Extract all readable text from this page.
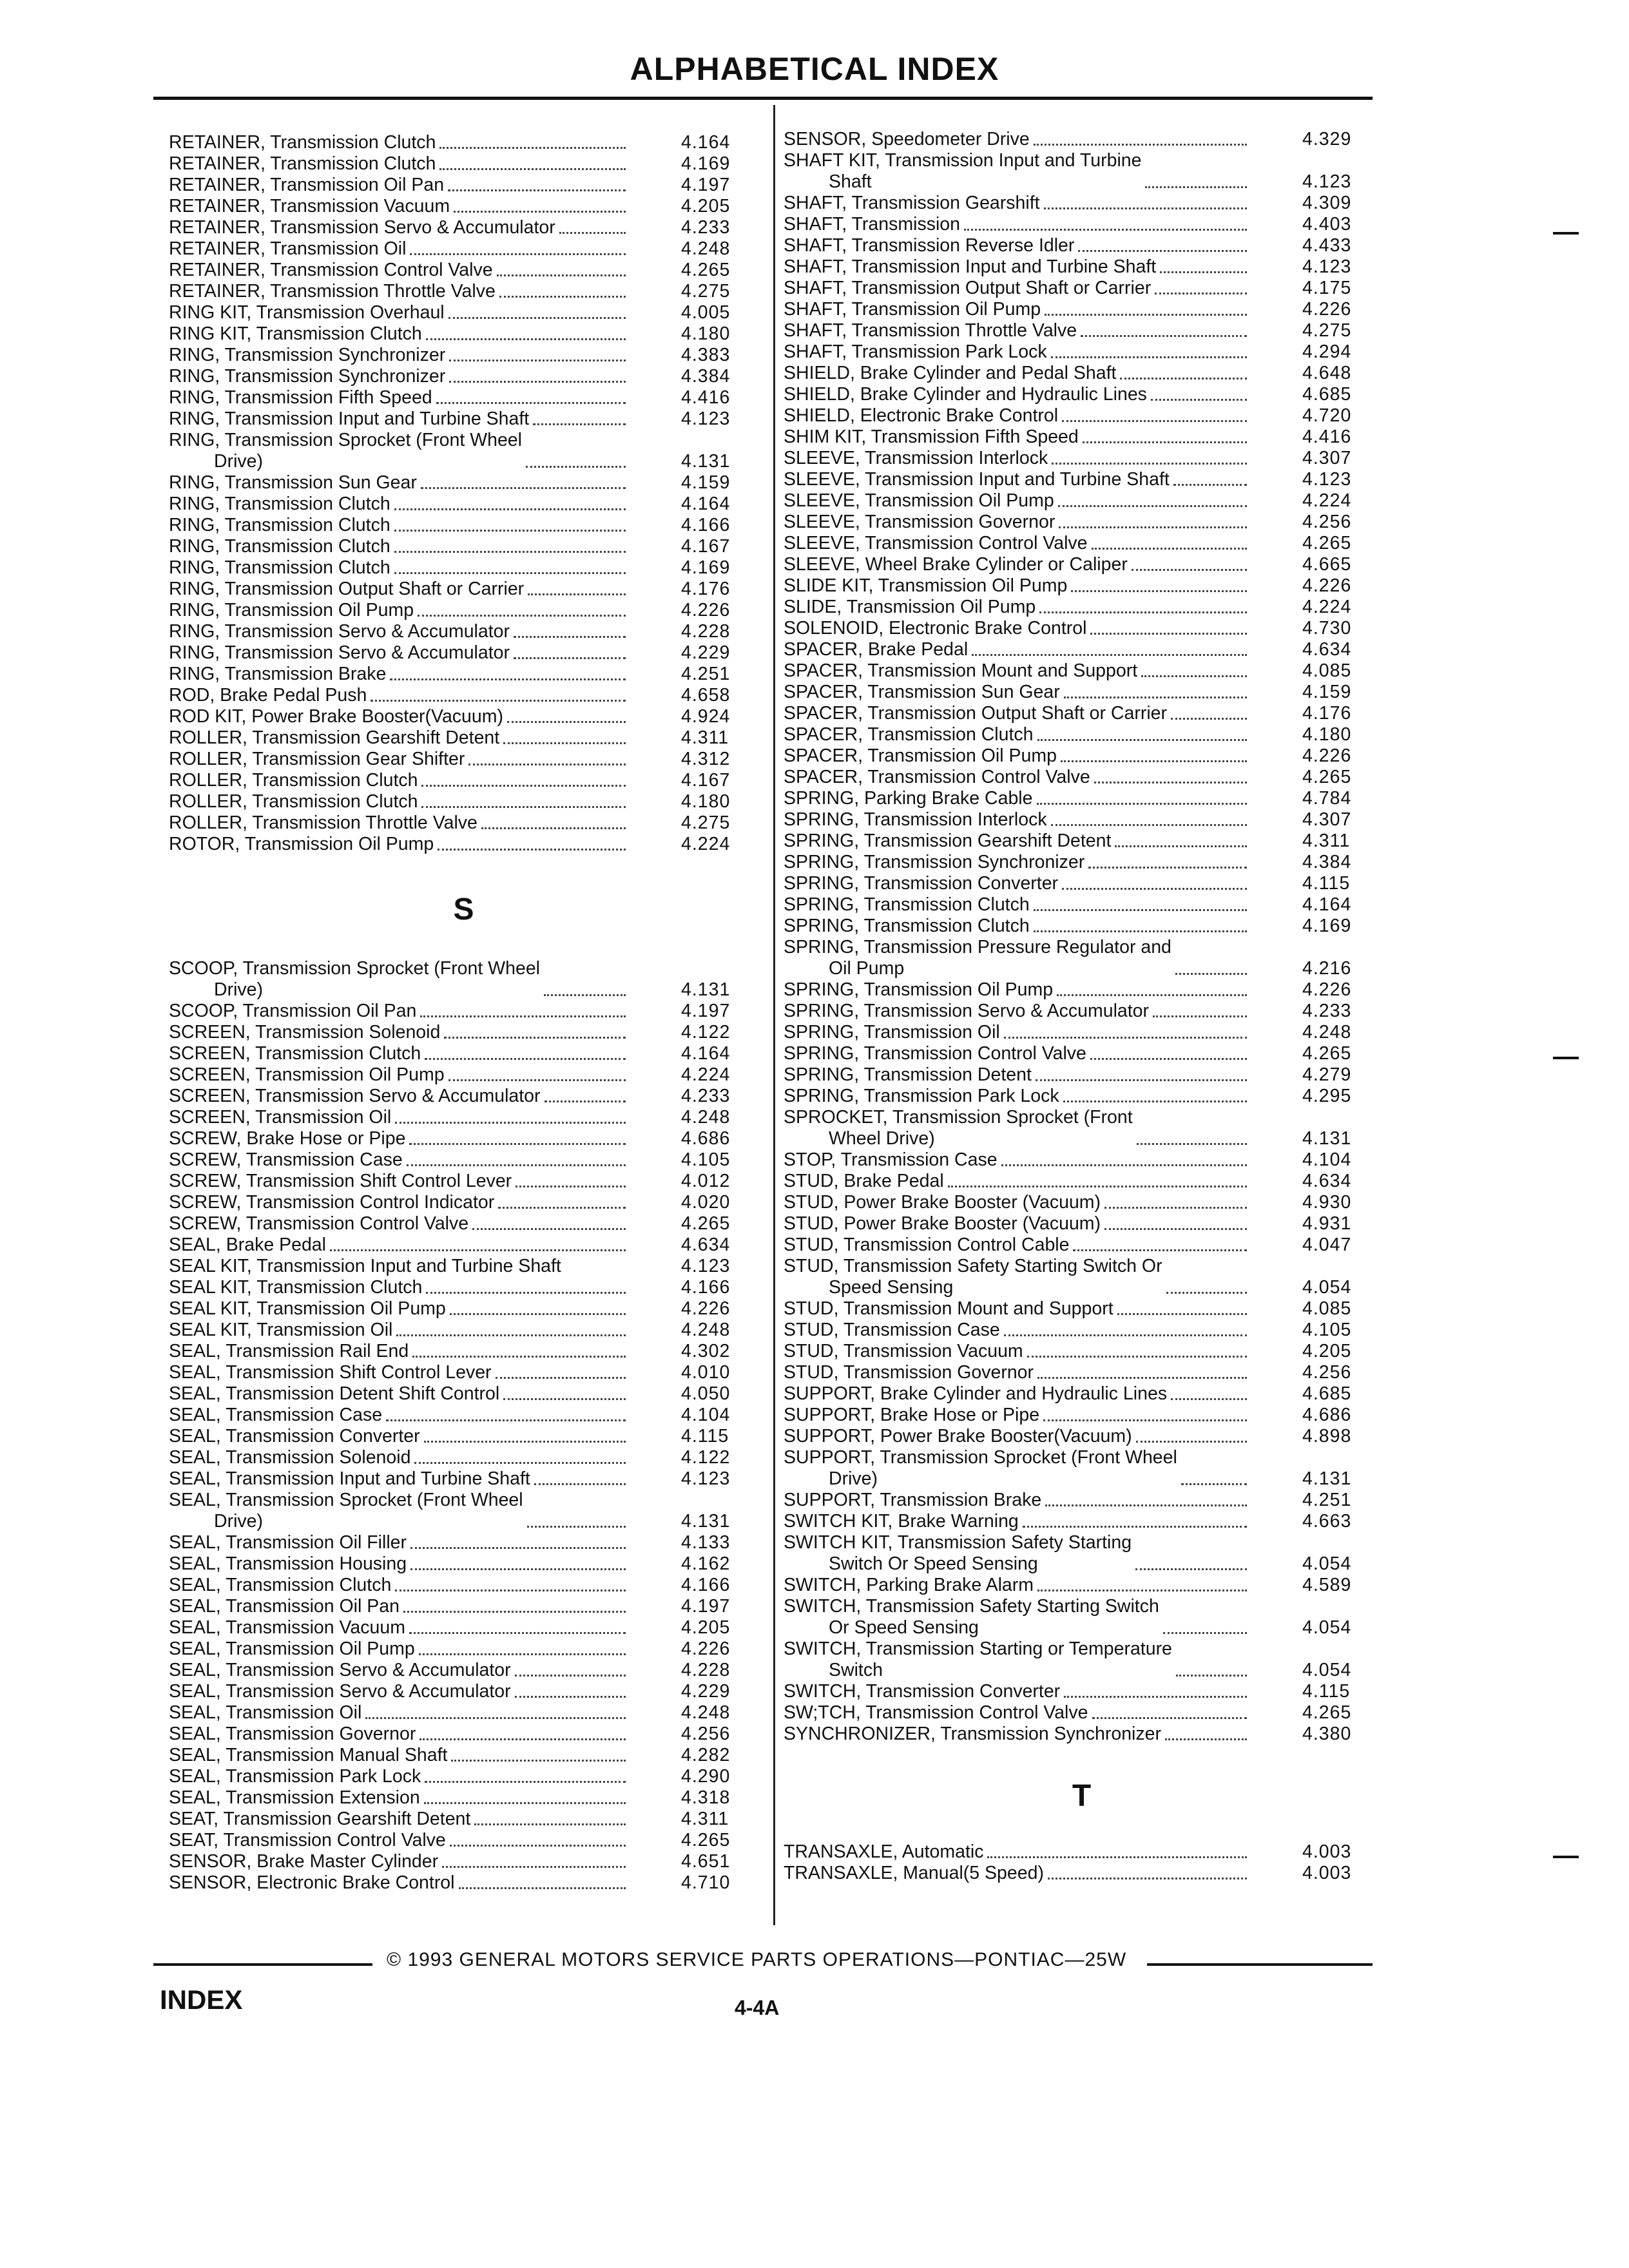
ALPHABETICAL INDEX
RETAINER, Transmission Clutch	4.164
RETAINER, Transmission Clutch	4.169
RETAINER, Transmission Oil Pan	4.197
RETAINER, Transmission Vacuum	4.205
RETAINER, Transmission Servo & Accumulator	4.233
RETAINER, Transmission Oil	4.248
RETAINER, Transmission Control Valve	4.265
RETAINER, Transmission Throttle Valve	4.275
RING KIT, Transmission Overhaul	4.005
RING KIT, Transmission Clutch	4.180
RING, Transmission Synchronizer	4.383
RING, Transmission Synchronizer	4.384
RING, Transmission Fifth Speed	4.416
RING, Transmission Input and Turbine Shaft	4.123
RING, Transmission Sprocket (Front Wheel
Drive)	4.131
RING, Transmission Sun Gear	4.159
RING, Transmission Clutch	4.164
RING, Transmission Clutch	4.166
RING, Transmission Clutch	4.167
RING, Transmission Clutch	4.169
RING, Transmission Output Shaft or Carrier	4.176
RING, Transmission Oil Pump	4.226
RING, Transmission Servo & Accumulator	4.228
RING, Transmission Servo & Accumulator	4.229
RING, Transmission Brake	4.251
ROD, Brake Pedal Push	4.658
ROD KIT, Power Brake Booster(Vacuum)	4.924
ROLLER, Transmission Gearshift Detent	4.311
ROLLER, Transmission Gear Shifter	4.312
ROLLER, Transmission Clutch	4.167
ROLLER, Transmission Clutch	4.180
ROLLER, Transmission Throttle Valve	4.275
ROTOR, Transmission Oil Pump	4.224
S
SCOOP, Transmission Sprocket (Front Wheel
Drive)	4.131
SCOOP, Transmission Oil Pan	4.197
SCREEN, Transmission Solenoid	4.122
SCREEN, Transmission Clutch	4.164
SCREEN, Transmission Oil Pump	4.224
SCREEN, Transmission Servo & Accumulator	4.233
SCREEN, Transmission Oil	4.248
SCREW, Brake Hose or Pipe	4.686
SCREW, Transmission Case	4.105
SCREW, Transmission Shift Control Lever	4.012
SCREW, Transmission Control Indicator	4.020
SCREW, Transmission Control Valve	4.265
SEAL, Brake Pedal	4.634
SEAL KIT, Transmission Input and Turbine Shaft	4.123
SEAL KIT, Transmission Clutch	4.166
SEAL KIT, Transmission Oil Pump	4.226
SEAL KIT, Transmission Oil	4.248
SEAL, Transmission Rail End	4.302
SEAL, Transmission Shift Control Lever	4.010
SEAL, Transmission Detent Shift Control	4.050
SEAL, Transmission Case	4.104
SEAL, Transmission Converter	4.115
SEAL, Transmission Solenoid	4.122
SEAL, Transmission Input and Turbine Shaft	4.123
SEAL, Transmission Sprocket (Front Wheel
Drive)	4.131
SEAL, Transmission Oil Filler	4.133
SEAL, Transmission Housing	4.162
SEAL, Transmission Clutch	4.166
SEAL, Transmission Oil Pan	4.197
SEAL, Transmission Vacuum	4.205
SEAL, Transmission Oil Pump	4.226
SEAL, Transmission Servo & Accumulator	4.228
SEAL, Transmission Servo & Accumulator	4.229
SEAL, Transmission Oil	4.248
SEAL, Transmission Governor	4.256
SEAL, Transmission Manual Shaft	4.282
SEAL, Transmission Park Lock	4.290
SEAL, Transmission Extension	4.318
SEAT, Transmission Gearshift Detent	4.311
SEAT, Transmission Control Valve	4.265
SENSOR, Brake Master Cylinder	4.651
SENSOR, Electronic Brake Control	4.710
SENSOR, Speedometer Drive	4.329
SHAFT KIT, Transmission Input and Turbine
Shaft	4.123
SHAFT, Transmission Gearshift	4.309
SHAFT, Transmission	4.403
SHAFT, Transmission Reverse Idler	4.433
SHAFT, Transmission Input and Turbine Shaft	4.123
SHAFT, Transmission Output Shaft or Carrier	4.175
SHAFT, Transmission Oil Pump	4.226
SHAFT, Transmission Throttle Valve	4.275
SHAFT, Transmission Park Lock	4.294
SHIELD, Brake Cylinder and Pedal Shaft	4.648
SHIELD, Brake Cylinder and Hydraulic Lines	4.685
SHIELD, Electronic Brake Control	4.720
SHIM KIT, Transmission Fifth Speed	4.416
SLEEVE, Transmission Interlock	4.307
SLEEVE, Transmission Input and Turbine Shaft	4.123
SLEEVE, Transmission Oil Pump	4.224
SLEEVE, Transmission Governor	4.256
SLEEVE, Transmission Control Valve	4.265
SLEEVE, Wheel Brake Cylinder or Caliper	4.665
SLIDE KIT, Transmission Oil Pump	4.226
SLIDE, Transmission Oil Pump	4.224
SOLENOID, Electronic Brake Control	4.730
SPACER, Brake Pedal	4.634
SPACER, Transmission Mount and Support	4.085
SPACER, Transmission Sun Gear	4.159
SPACER, Transmission Output Shaft or Carrier	4.176
SPACER, Transmission Clutch	4.180
SPACER, Transmission Oil Pump	4.226
SPACER, Transmission Control Valve	4.265
SPRING, Parking Brake Cable	4.784
SPRING, Transmission Interlock	4.307
SPRING, Transmission Gearshift Detent	4.311
SPRING, Transmission Synchronizer	4.384
SPRING, Transmission Converter	4.115
SPRING, Transmission Clutch	4.164
SPRING, Transmission Clutch	4.169
SPRING, Transmission Pressure Regulator and
Oil Pump	4.216
SPRING, Transmission Oil Pump	4.226
SPRING, Transmission Servo & Accumulator	4.233
SPRING, Transmission Oil	4.248
SPRING, Transmission Control Valve	4.265
SPRING, Transmission Detent	4.279
SPRING, Transmission Park Lock	4.295
SPROCKET, Transmission Sprocket (Front
Wheel Drive)	4.131
STOP, Transmission Case	4.104
STUD, Brake Pedal	4.634
STUD, Power Brake Booster (Vacuum)	4.930
STUD, Power Brake Booster (Vacuum)	4.931
STUD, Transmission Control Cable	4.047
STUD, Transmission Safety Starting Switch Or
Speed Sensing	4.054
STUD, Transmission Mount and Support	4.085
STUD, Transmission Case	4.105
STUD, Transmission Vacuum	4.205
STUD, Transmission Governor	4.256
SUPPORT, Brake Cylinder and Hydraulic Lines	4.685
SUPPORT, Brake Hose or Pipe	4.686
SUPPORT, Power Brake Booster(Vacuum)	4.898
SUPPORT, Transmission Sprocket (Front Wheel
Drive)	4.131
SUPPORT, Transmission Brake	4.251
SWITCH KIT, Brake Warning	4.663
SWITCH KIT, Transmission Safety Starting
Switch Or Speed Sensing	4.054
SWITCH, Parking Brake Alarm	4.589
SWITCH, Transmission Safety Starting Switch
Or Speed Sensing	4.054
SWITCH, Transmission Starting or Temperature
Switch	4.054
SWITCH, Transmission Converter	4.115
SW;TCH, Transmission Control Valve	4.265
SYNCHRONIZER, Transmission Synchronizer	4.380
T
TRANSAXLE, Automatic	4.003
TRANSAXLE, Manual(5 Speed)	4.003
© 1993 GENERAL MOTORS SERVICE PARTS OPERATIONS—PONTIAC—25W
INDEX	4-4A
